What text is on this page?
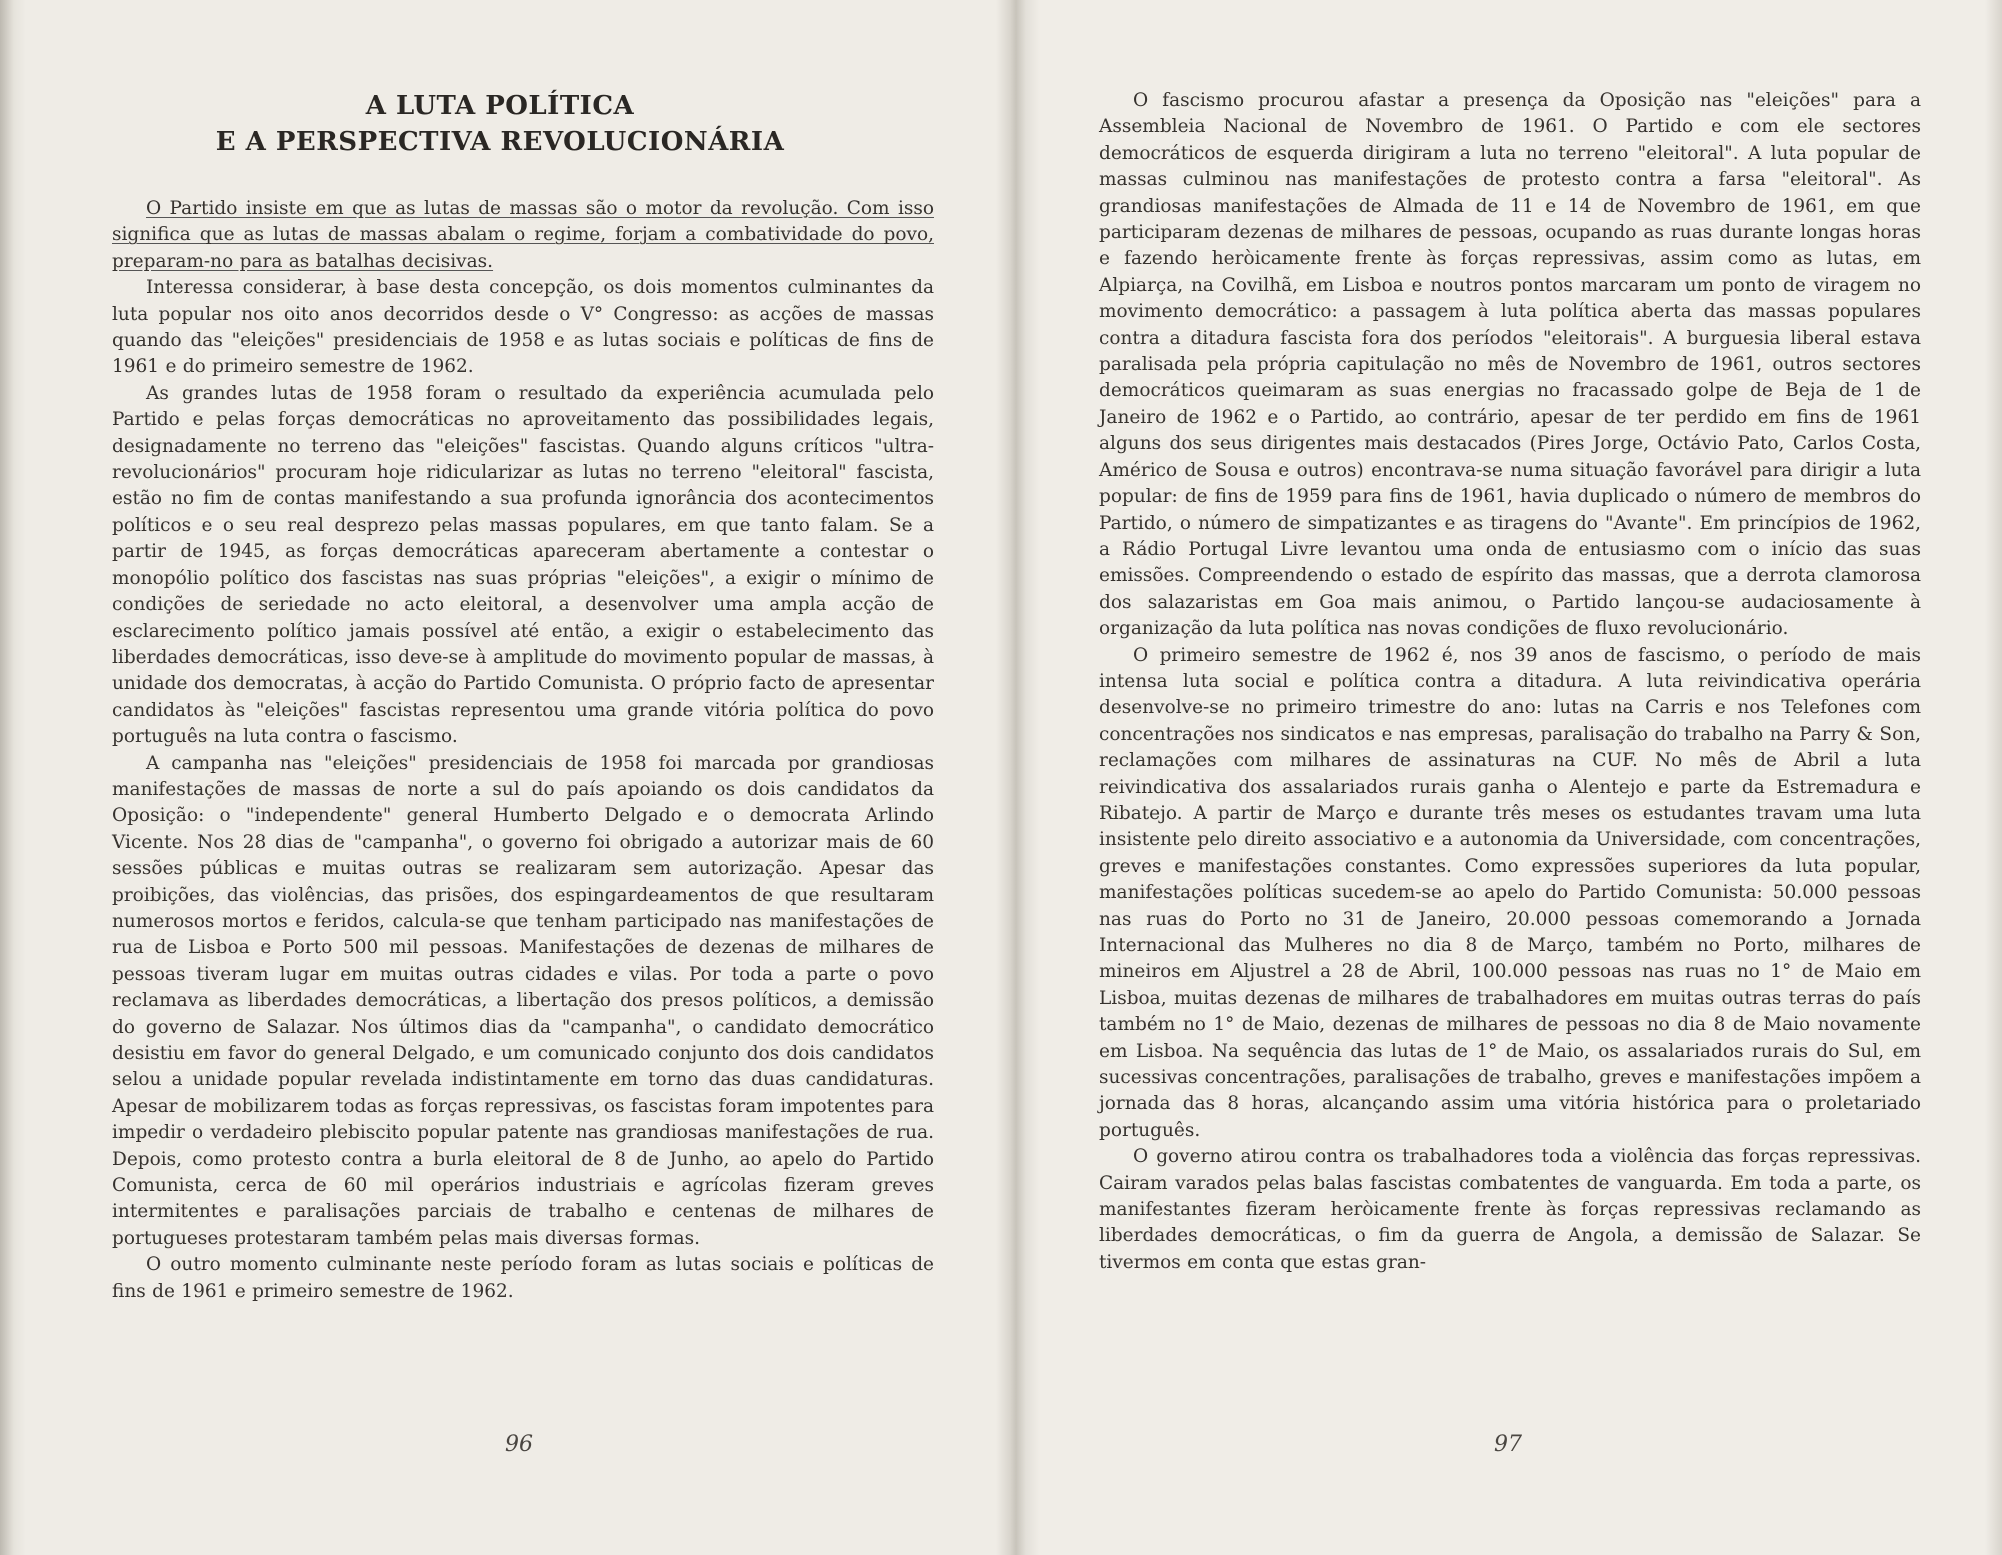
A LUTA POLÍTICA
E A PERSPECTIVA REVOLUCIONÁRIA

O Partido insiste em que as lutas de massas são o motor da revolução. Com isso significa que as lutas de massas abalam o regime, forjam a combatividade do povo, preparam-no para as batalhas decisivas.

Interessa considerar, à base desta concepção, os dois momentos culminantes da luta popular nos oito anos decorridos desde o V° Congresso: as acções de massas quando das "eleições" presidenciais de 1958 e as lutas sociais e políticas de fins de 1961 e do primeiro semestre de 1962.

As grandes lutas de 1958 foram o resultado da experiência acumulada pelo Partido e pelas forças democráticas no aproveitamento das possibilidades legais, designadamente no terreno das "eleições" fascistas. Quando alguns críticos "ultra-revolucionários" procuram hoje ridicularizar as lutas no terreno "eleitoral" fascista, estão no fim de contas manifestando a sua profunda ignorância dos acontecimentos políticos e o seu real desprezo pelas massas populares, em que tanto falam. Se a partir de 1945, as forças democráticas apareceram abertamente a contestar o monopólio político dos fascistas nas suas próprias "eleições", a exigir o mínimo de condições de seriedade no acto eleitoral, a desenvolver uma ampla acção de esclarecimento político jamais possível até então, a exigir o estabelecimento das liberdades democráticas, isso deve-se à amplitude do movimento popular de massas, à unidade dos democratas, à acção do Partido Comunista. O próprio facto de apresentar candidatos às "eleições" fascistas representou uma grande vitória política do povo português na luta contra o fascismo.

A campanha nas "eleições" presidenciais de 1958 foi marcada por grandiosas manifestações de massas de norte a sul do país apoiando os dois candidatos da Oposição: o "independente" general Humberto Delgado e o democrata Arlindo Vicente. Nos 28 dias de "campanha", o governo foi obrigado a autorizar mais de 60 sessões públicas e muitas outras se realizaram sem autorização. Apesar das proibições, das violências, das prisões, dos espingardeamentos de que resultaram numerosos mortos e feridos, calcula-se que tenham participado nas manifestações de rua de Lisboa e Porto 500 mil pessoas. Manifestações de dezenas de milhares de pessoas tiveram lugar em muitas outras cidades e vilas. Por toda a parte o povo reclamava as liberdades democráticas, a libertação dos presos políticos, a demissão do governo de Salazar. Nos últimos dias da "campanha", o candidato democrático desistiu em favor do general Delgado, e um comunicado conjunto dos dois candidatos selou a unidade popular revelada indistintamente em torno das duas candidaturas. Apesar de mobilizarem todas as forças repressivas, os fascistas foram impotentes para impedir o verdadeiro plebiscito popular patente nas grandiosas manifestações de rua. Depois, como protesto contra a burla eleitoral de 8 de Junho, ao apelo do Partido Comunista, cerca de 60 mil operários industriais e agrícolas fizeram greves intermitentes e paralisações parciais de trabalho e centenas de milhares de portugueses protestaram também pelas mais diversas formas.

O outro momento culminante neste período foram as lutas sociais e políticas de fins de 1961 e primeiro semestre de 1962.

96

O fascismo procurou afastar a presença da Oposição nas "eleições" para a Assembleia Nacional de Novembro de 1961. O Partido e com ele sectores democráticos de esquerda dirigiram a luta no terreno "eleitoral". A luta popular de massas culminou nas manifestações de protesto contra a farsa "eleitoral". As grandiosas manifestações de Almada de 11 e 14 de Novembro de 1961, em que participaram dezenas de milhares de pessoas, ocupando as ruas durante longas horas e fazendo heròicamente frente às forças repressivas, assim como as lutas, em Alpiarça, na Covilhã, em Lisboa e noutros pontos marcaram um ponto de viragem no movimento democrático: a passagem à luta política aberta das massas populares contra a ditadura fascista fora dos períodos "eleitorais". A burguesia liberal estava paralisada pela própria capitulação no mês de Novembro de 1961, outros sectores democráticos queimaram as suas energias no fracassado golpe de Beja de 1 de Janeiro de 1962 e o Partido, ao contrário, apesar de ter perdido em fins de 1961 alguns dos seus dirigentes mais destacados (Pires Jorge, Octávio Pato, Carlos Costa, Américo de Sousa e outros) encontrava-se numa situação favorável para dirigir a luta popular: de fins de 1959 para fins de 1961, havia duplicado o número de membros do Partido, o número de simpatizantes e as tiragens do "Avante". Em princípios de 1962, a Rádio Portugal Livre levantou uma onda de entusiasmo com o início das suas emissões. Compreendendo o estado de espírito das massas, que a derrota clamorosa dos salazaristas em Goa mais animou, o Partido lançou-se audaciosamente à organização da luta política nas novas condições de fluxo revolucionário.

O primeiro semestre de 1962 é, nos 39 anos de fascismo, o período de mais intensa luta social e política contra a ditadura. A luta reivindicativa operária desenvolve-se no primeiro trimestre do ano: lutas na Carris e nos Telefones com concentrações nos sindicatos e nas empresas, paralisação do trabalho na Parry & Son, reclamações com milhares de assinaturas na CUF. No mês de Abril a luta reivindicativa dos assalariados rurais ganha o Alentejo e parte da Estremadura e Ribatejo. A partir de Março e durante três meses os estudantes travam uma luta insistente pelo direito associativo e a autonomia da Universidade, com concentrações, greves e manifestações constantes. Como expressões superiores da luta popular, manifestações políticas sucedem-se ao apelo do Partido Comunista: 50.000 pessoas nas ruas do Porto no 31 de Janeiro, 20.000 pessoas comemorando a Jornada Internacional das Mulheres no dia 8 de Março, também no Porto, milhares de mineiros em Aljustrel a 28 de Abril, 100.000 pessoas nas ruas no 1° de Maio em Lisboa, muitas dezenas de milhares de trabalhadores em muitas outras terras do país também no 1° de Maio, dezenas de milhares de pessoas no dia 8 de Maio novamente em Lisboa. Na sequência das lutas de 1° de Maio, os assalariados rurais do Sul, em sucessivas concentrações, paralisações de trabalho, greves e manifestações impõem a jornada das 8 horas, alcançando assim uma vitória histórica para o proletariado português.

O governo atirou contra os trabalhadores toda a violência das forças repressivas. Cairam varados pelas balas fascistas combatentes de vanguarda. Em toda a parte, os manifestantes fizeram heròicamente frente às forças repressivas reclamando as liberdades democráticas, o fim da guerra de Angola, a demissão de Salazar. Se tivermos em conta que estas gran-

97
